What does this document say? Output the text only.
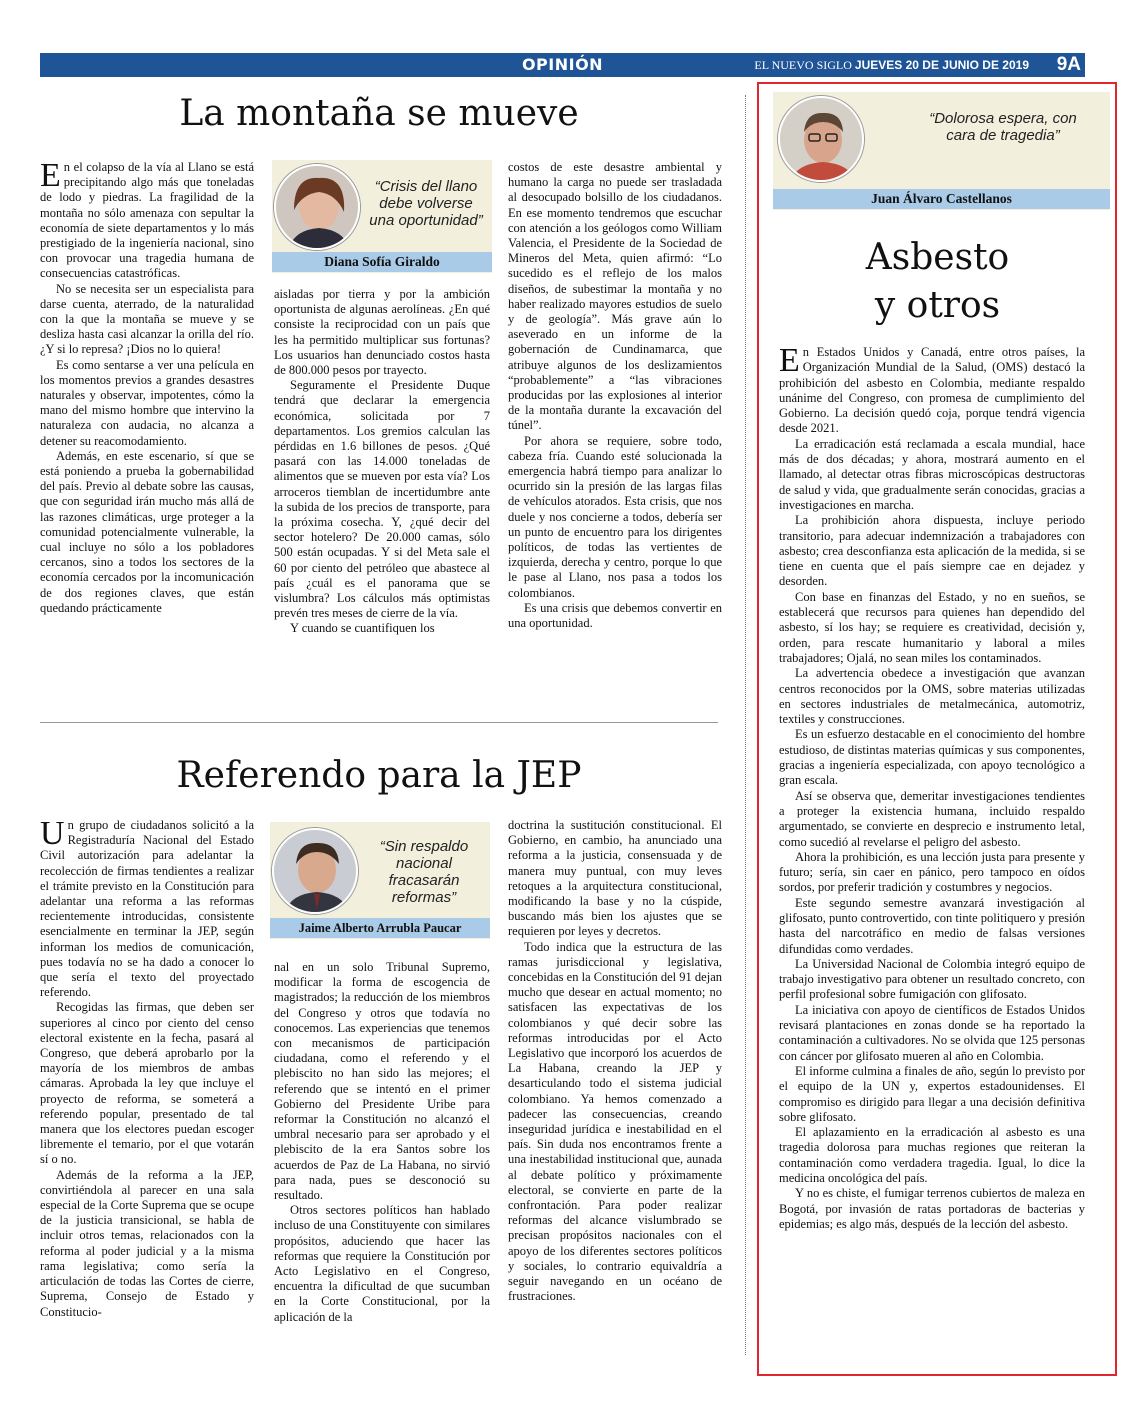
OPINIÓN	EL NUEVO SIGLO JUEVES 20 DE JUNIO DE 2019 9A
La montaña se mueve

En el colapso de la vía al Llano se está precipitando algo más que toneladas de lodo y piedras. La fragilidad de la montaña no sólo amenaza con sepultar la economía de siete departamentos y lo más prestigiado de la ingeniería nacional, sino con provocar una tragedia humana de consecuencias catastróficas.

No se necesita ser un especialista para darse cuenta, aterrado, de la naturalidad con la que la montaña se mueve y se desliza hasta casi alcanzar la orilla del río. ¿Y si lo represa? ¡Dios no lo quiera!

Es como sentarse a ver una película en los momentos previos a grandes desastres naturales y observar, impotentes, cómo la mano del mismo hombre que intervino la naturaleza con audacia, no alcanza a detener su reacomodamiento.

Además, en este escenario, sí que se está poniendo a prueba la gobernabilidad del país. Previo al debate sobre las causas, que con seguridad irán mucho más allá de las razones climáticas, urge proteger a la comunidad potencialmente vulnerable, la cual incluye no sólo a los pobladores cercanos, sino a todos los sectores de la economía cercados por la incomunicación de dos regiones claves, que están quedando prácticamente

“Crisis del llano debe volverse una oportunidad”
Diana Sofía Giraldo

aisladas por tierra y por la ambición oportunista de algunas aerolíneas. ¿En qué consiste la reciprocidad con un país que les ha permitido multiplicar sus fortunas? Los usuarios han denunciado costos hasta de 800.000 pesos por trayecto.

Seguramente el Presidente Duque tendrá que declarar la emergencia económica, solicitada por 7 departamentos. Los gremios calculan las pérdidas en 1.6 billones de pesos. ¿Qué pasará con las 14.000 toneladas de alimentos que se mueven por esta vía? Los arroceros tiemblan de incertidumbre ante la subida de los precios de transporte, para la próxima cosecha. Y, ¿qué decir del sector hotelero? De 20.000 camas, sólo 500 están ocupadas. Y si del Meta sale el 60 por ciento del petróleo que abastece al país ¿cuál es el panorama que se vislumbra? Los cálculos más optimistas prevén tres meses de cierre de la vía.

Y cuando se cuantifiquen los

costos de este desastre ambiental y humano la carga no puede ser trasladada al desocupado bolsillo de los ciudadanos. En ese momento tendremos que escuchar con atención a los geólogos como William Valencia, el Presidente de la Sociedad de Mineros del Meta, quien afirmó: “Lo sucedido es el reflejo de los malos diseños, de subestimar la montaña y no haber realizado mayores estudios de suelo y de geología”. Más grave aún lo aseverado en un informe de la gobernación de Cundinamarca, que atribuye algunos de los deslizamientos “probablemente” a “las vibraciones producidas por las explosiones al interior de la montaña durante la excavación del túnel”.

Por ahora se requiere, sobre todo, cabeza fría. Cuando esté solucionada la emergencia habrá tiempo para analizar lo ocurrido sin la presión de las largas filas de vehículos atorados. Esta crisis, que nos duele y nos concierne a todos, debería ser un punto de encuentro para los dirigentes políticos, de todas las vertientes de izquierda, derecha y centro, porque lo que le pase al Llano, nos pasa a todos los colombianos.

Es una crisis que debemos convertir en una oportunidad.

Referendo para la JEP

Un grupo de ciudadanos solicitó a la Registraduría Nacional del Estado Civil autorización para adelantar la recolección de firmas tendientes a realizar el trámite previsto en la Constitución para adelantar una reforma a las reformas recientemente introducidas, consistente esencialmente en terminar la JEP, según informan los medios de comunicación, pues todavía no se ha dado a conocer lo que sería el texto del proyectado referendo.

Recogidas las firmas, que deben ser superiores al cinco por ciento del censo electoral existente en la fecha, pasará al Congreso, que deberá aprobarlo por la mayoría de los miembros de ambas cámaras. Aprobada la ley que incluye el proyecto de reforma, se someterá a referendo popular, presentado de tal manera que los electores puedan escoger libremente el temario, por el que votarán sí o no.

Además de la reforma a la JEP, convirtiéndola al parecer en una sala especial de la Corte Suprema que se ocupe de la justicia transicional, se habla de incluir otros temas, relacionados con la reforma al poder judicial y a la misma rama legislativa; como sería la articulación de todas las Cortes de cierre, Suprema, Consejo de Estado y Constitucio-

“Sin respaldo nacional fracasarán reformas”
Jaime Alberto Arrubla Paucar

nal en un solo Tribunal Supremo, modificar la forma de escogencia de magistrados; la reducción de los miembros del Congreso y otros que todavía no conocemos. Las experiencias que tenemos con mecanismos de participación ciudadana, como el referendo y el plebiscito no han sido las mejores; el referendo que se intentó en el primer Gobierno del Presidente Uribe para reformar la Constitución no alcanzó el umbral necesario para ser aprobado y el plebiscito de la era Santos sobre los acuerdos de Paz de La Habana, no sirvió para nada, pues se desconoció su resultado.

Otros sectores políticos han hablado incluso de una Constituyente con similares propósitos, aduciendo que hacer las reformas que requiere la Constitución por Acto Legislativo en el Congreso, encuentra la dificultad de que sucumban en la Corte Constitucional, por la aplicación de la

doctrina la sustitución constitucional. El Gobierno, en cambio, ha anunciado una reforma a la justicia, consensuada y de manera muy puntual, con muy leves retoques a la arquitectura constitucional, modificando la base y no la cúspide, buscando más bien los ajustes que se requieren por leyes y decretos.

Todo indica que la estructura de las ramas jurisdiccional y legislativa, concebidas en la Constitución del 91 dejan mucho que desear en actual momento; no satisfacen las expectativas de los colombianos y qué decir sobre las reformas introducidas por el Acto Legislativo que incorporó los acuerdos de La Habana, creando la JEP y desarticulando todo el sistema judicial colombiano. Ya hemos comenzado a padecer las consecuencias, creando inseguridad jurídica e inestabilidad en el país. Sin duda nos encontramos frente a una inestabilidad institucional que, aunada al debate político y próximamente electoral, se convierte en parte de la confrontación. Para poder realizar reformas del alcance vislumbrado se precisan propósitos nacionales con el apoyo de los diferentes sectores políticos y sociales, lo contrario equivaldría a seguir navegando en un océano de frustraciones.

“Dolorosa espera, con cara de tragedia”
Juan Álvaro Castellanos
Asbesto
y otros

En Estados Unidos y Canadá, entre otros países, la Organización Mundial de la Salud, (OMS) destacó la prohibición del asbesto en Colombia, mediante respaldo unánime del Congreso, con promesa de cumplimiento del Gobierno. La decisión quedó coja, porque tendrá vigencia desde 2021.

La erradicación está reclamada a escala mundial, hace más de dos décadas; y ahora, mostrará aumento en el llamado, al detectar otras fibras microscópicas destructoras de salud y vida, que gradualmente serán conocidas, gracias a investigaciones en marcha.

La prohibición ahora dispuesta, incluye periodo transitorio, para adecuar indemnización a trabajadores con asbesto; crea desconfianza esta aplicación de la medida, si se tiene en cuenta que el país siempre cae en dejadez y desorden.

Con base en finanzas del Estado, y no en sueños, se establecerá que recursos para quienes han dependido del asbesto, sí los hay; se requiere es creatividad, decisión y, orden, para rescate humanitario y laboral a miles trabajadores; Ojalá, no sean miles los contaminados.

La advertencia obedece a investigación que avanzan centros reconocidos por la OMS, sobre materias utilizadas en sectores industriales de metalmecánica, automotriz, textiles y construcciones.

Es un esfuerzo destacable en el conocimiento del hombre estudioso, de distintas materias químicas y sus componentes, gracias a ingeniería especializada, con apoyo tecnológico a gran escala.

Así se observa que, demeritar investigaciones tendientes a proteger la existencia humana, incluido respaldo argumentado, se convierte en desprecio e instrumento letal, como sucedió al revelarse el peligro del asbesto.

Ahora la prohibición, es una lección justa para presente y futuro; sería, sin caer en pánico, pero tampoco en oídos sordos, por preferir tradición y costumbres y negocios.

Este segundo semestre avanzará investigación al glifosato, punto controvertido, con tinte politiquero y presión hasta del narcotráfico en medio de falsas versiones difundidas como verdades.

La Universidad Nacional de Colombia integró equipo de trabajo investigativo para obtener un resultado concreto, con perfil profesional sobre fumigación con glifosato.

La iniciativa con apoyo de científicos de Estados Unidos revisará plantaciones en zonas donde se ha reportado la contaminación a cultivadores. No se olvida que 125 personas con cáncer por glifosato mueren al año en Colombia.

El informe culmina a finales de año, según lo previsto por el equipo de la UN y, expertos estadounidenses. El compromiso es dirigido para llegar a una decisión definitiva sobre glifosato.

El aplazamiento en la erradicación al asbesto es una tragedia dolorosa para muchas regiones que reiteran la contaminación como verdadera tragedia. Igual, lo dice la medicina oncológica del país.

Y no es chiste, el fumigar terrenos cubiertos de maleza en Bogotá, por invasión de ratas portadoras de bacterias y epidemias; es algo más, después de la lección del asbesto.
